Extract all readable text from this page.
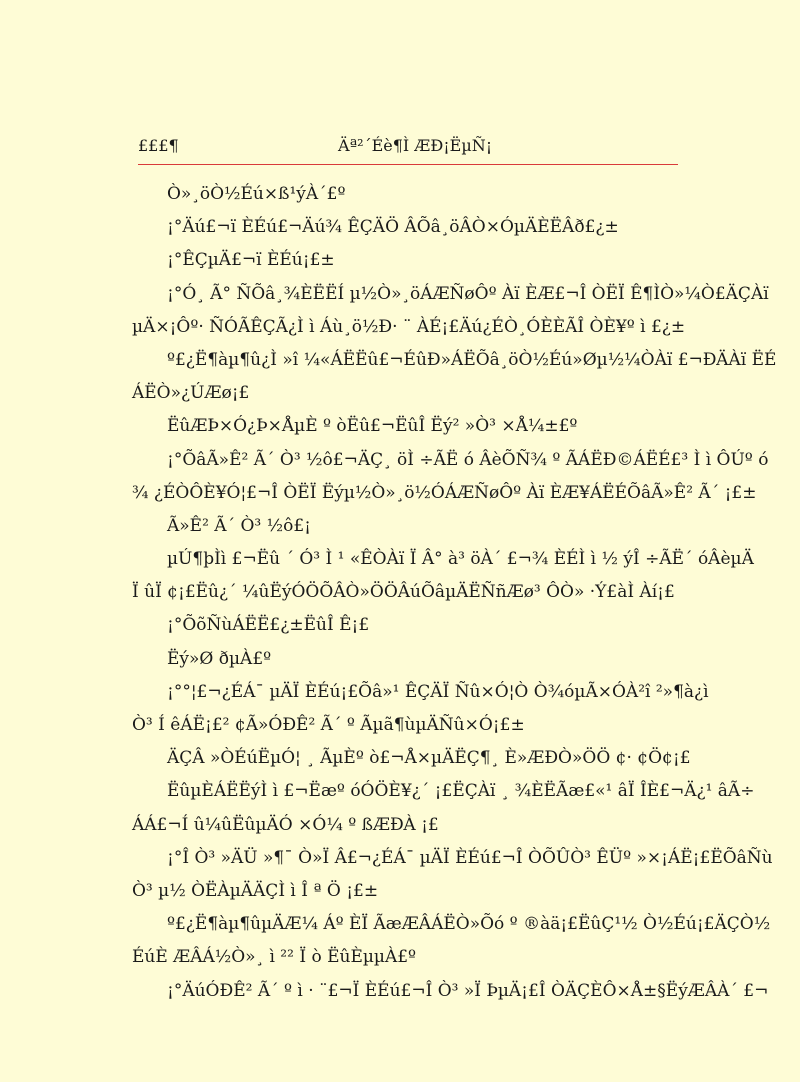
£££¶	Äª²´Éè¶Ì ÆÐ¡ËµÑ¡
Ò»¸öÒ½Éú×ß¹ýÀ´£º
¡°Äú£¬ï ÈÉú£¬Äú¾ ÊÇÄÖ ÂÕâ¸öÂÒ×ÓµÄÈËÂð£¿±
¡°ÊÇµÄ£¬ï ÈÉú¡£±
¡°Ó¸ Ã° ÑÕâ¸¾ÈËËÍ µ½Ò»¸öÁÆÑøÔº Àï ÈÆ£¬Î ÒËÏ Ê¶ÌÒ»¼Ò£ÄÇÀï
µÄ×¡Ôº· ÑÓÃÊÇÃ¿Ì ì Áù¸ö½Ð· ¨ ÀÉ¡£Äú¿ÉÒ¸ÓÈÈÃÎ ÒÈ¥º ì £¿±
º£¿Ë¶àµ¶û¿Ì »î ¼«ÁËËû£¬ÉûÐ»ÁËÕâ¸öÒ½Éú»Øµ½¼ÒÀï £¬ÐÄÀï ËÉ
ÁËÒ»¿ÚÆø¡£
ËûÆÞ×Ó¿Þ×ÅµÈ º òËû£¬ËûÎ Ëý² »Ò³ ×Å¼±£º
¡°ÕâÃ»Ê² Ã´ Ò³ ½ô£¬ÄÇ¸ öÌ ÷ÃË ó ÂèÕÑ¾ º ÃÁËÐ©ÁËÉ£³ Ì ì ÔÚº ó
¾ ¿ÉÒÔÈ¥Ó¦£¬Î ÒËÏ Ëýµ½Ò»¸ö½ÓÁÆÑøÔº Àï ÈÆ¥ÁËÉÕâÃ»Ê² Ã´ ¡£±
Ã»Ê² Ã´ Ò³ ½ô£¡
µÚ¶þÌì £¬Ëû ´ Ó³ Ì ¹ «ÊÒÀï Ï Â° à³ öÀ´ £¬¾ ÈÉÌ ì ½ ýÎ ÷ÃË´ óÂèµÄ
Ï ûÏ ¢¡£Ëû¿´ ¼ûËýÓÖÕÂÒ»ÖÖÂúÕâµÄËÑñÆø³ ÔÒ» ·Ý£àÌ Àí¡£
¡°ÕõÑùÁËË£¿±ËûÎ Ê¡£
Ëý»Ø ðµÀ£º
¡°°¦£¬¿ÉÁ¯ µÄÏ ÈÉú¡£Õâ»¹ ÊÇÄÏ Ñû×Ó¦Ò Ò¾óµÃ×ÓÀ²î ²»¶à¿ì
Ò³ Í êÁË¡£² ¢Ã»ÓÐÊ² Ã´ º Ãµã¶ùµÄÑû×Ó¡£±
ÄÇÂ »ÒÉúËµÓ¦ ¸ ÃµÈº ò£¬Å×µÄËÇ¶¸ È»ÆÐÒ»ÖÖ ¢· ¢Ö¢¡£
ËûµÈÁËËýÌ ì £¬Ëæº óÓÖÈ¥¿´ ¡£ËÇÀï ¸ ¾ÈËÃæ£«¹ âÏ ÎÈ£¬Ä¿¹ âÃ÷
ÁÁ£¬Í û¼ûËûµÄÓ ×Ó¼ º ßÆÐÀ ¡£
¡°Î Ò³ »ÄÜ »¶¯ Ò»Ï Â£¬¿ÉÁ¯ µÄÏ ÈÉú£¬Î ÒÕÛÒ³ ÊÜº »×¡ÁË¡£ËÕâÑù
Ò³ µ½ ÒËÀµÄÄÇÌ ì Î ª Ö ¡£±
º£¿Ë¶àµ¶ûµÄÆ¼ Áº ÈÏ ÃæÆÂÁËÒ»Õó º ®àä¡£ËûÇ¹½ Ò½Éú¡£ÄÇÒ½
ÉúÈ ÆÂÁ½Ò»¸ ì ²² Ï ò ËûÈµµÀ£º
¡°ÄúÓÐÊ² Ã´ º ì · ¨£¬Ï ÈÉú£¬Î Ò³ »Ï ÞµÄ¡£Î ÒÄÇÈÔ×Å±§ËýÆÂÀ´ £¬
